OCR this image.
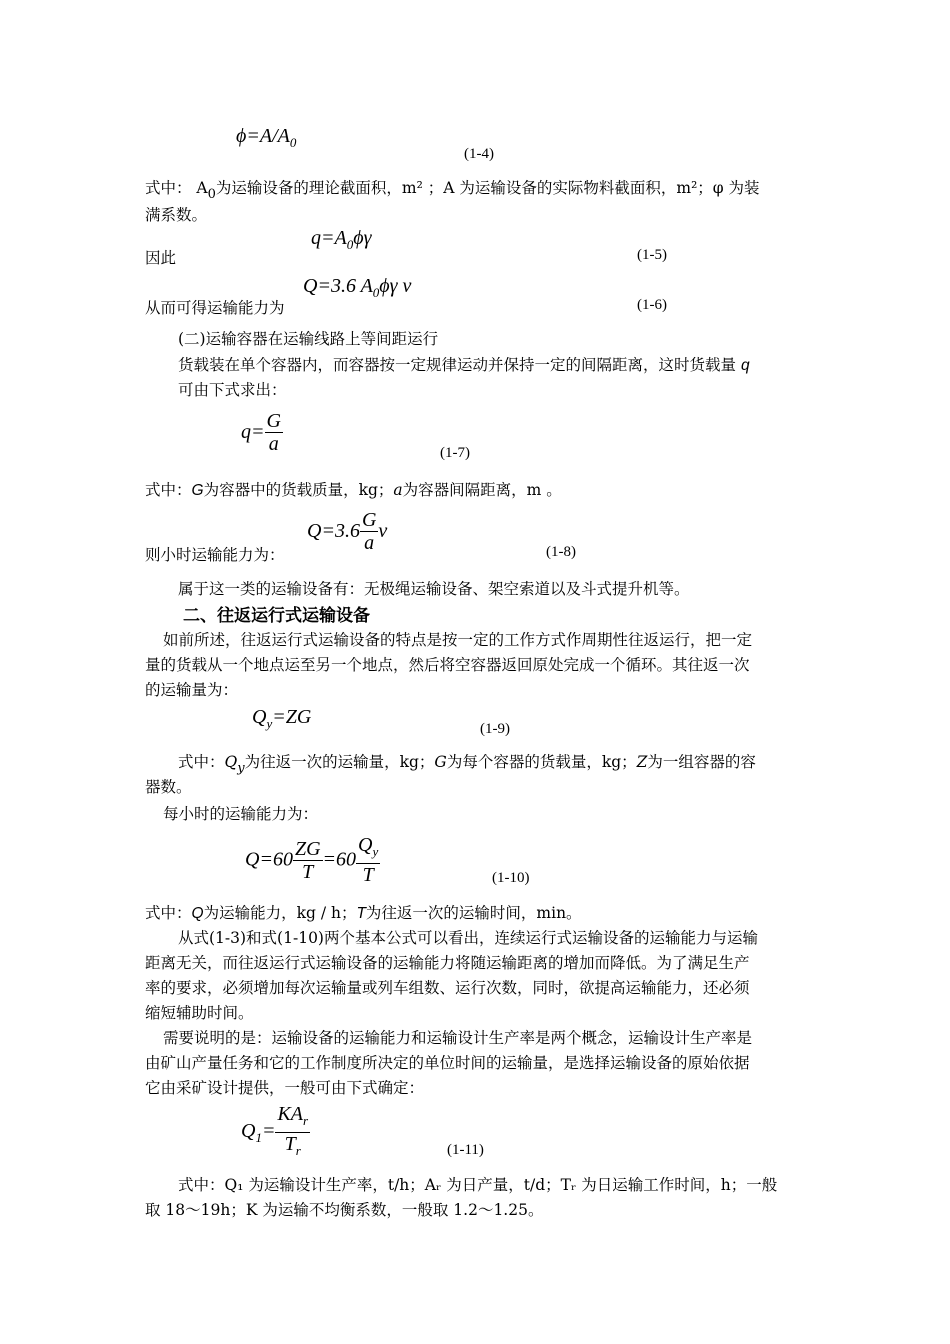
$\phi=A/A_0$
(1-4)
式中： $A_0$为运输设备的理论截面积，m² ；A 为运输设备的实际物料截面积，m²；φ 为装
满系数。
$q=A_0\phi\gamma$
因此	(1-5)
Q=3.6 $A_0\phi\gamma$ v
从而可得运输能力为	(1-6)
(二)运输容器在运输线路上等间距运行
货载装在单个容器内，而容器按一定规律运动并保持一定的间隔距离，这时货载量 q
可由下式求出：
$q= \frac{G}{a}$	(1-7)
式中：G为容器中的货载质量，kg；a为容器间隔距离，m 。
$Q=3.6 \frac{G}{a}$ v
则小时运输能力为：	(1-8)
属于这一类的运输设备有：无极绳运输设备、架空索道以及斗式提升机等。
二、往返运行式运输设备
如前所述，往返运行式运输设备的特点是按一定的工作方式作周期性往返运行，把一定
量的货载从一个地点运至另一个地点，然后将空容器返回原处完成一个循环。其往返一次
的运输量为：
$Q_y=ZG$
(1-9)
式中：$Q_y$为往返一次的运输量，kg；G为每个容器的货载量，kg；Z为一组容器的容
器数。
每小时的运输能力为：
$Q=60 \frac{ZG}{T} =60 \frac{Q_y}{T}$	(1-10)
式中：Q为运输能力，kg / h；T为往返一次的运输时间，min。
从式(1-3)和式(1-10)两个基本公式可以看出，连续运行式运输设备的运输能力与运输
距离无关，而往返运行式运输设备的运输能力将随运输距离的增加而降低。为了满足生产
率的要求，必须增加每次运输量或列车组数、运行次数，同时，欲提高运输能力，还必须
缩短辅助时间。
需要说明的是：运输设备的运输能力和运输设计生产率是两个概念，运输设计生产率是
由矿山产量任务和它的工作制度所决定的单位时间的运输量，是选择运输设备的原始依据
它由采矿设计提供，一般可由下式确定：
$Q_1= \frac{KA_r}{T_r}$	(1-11)
式中：Q₁ 为运输设计生产率，t/h；Aᵣ 为日产量，t/d；Tᵣ 为日运输工作时间，h；一般
取 18～19h；K 为运输不均衡系数，一般取 1.2～1.25。
